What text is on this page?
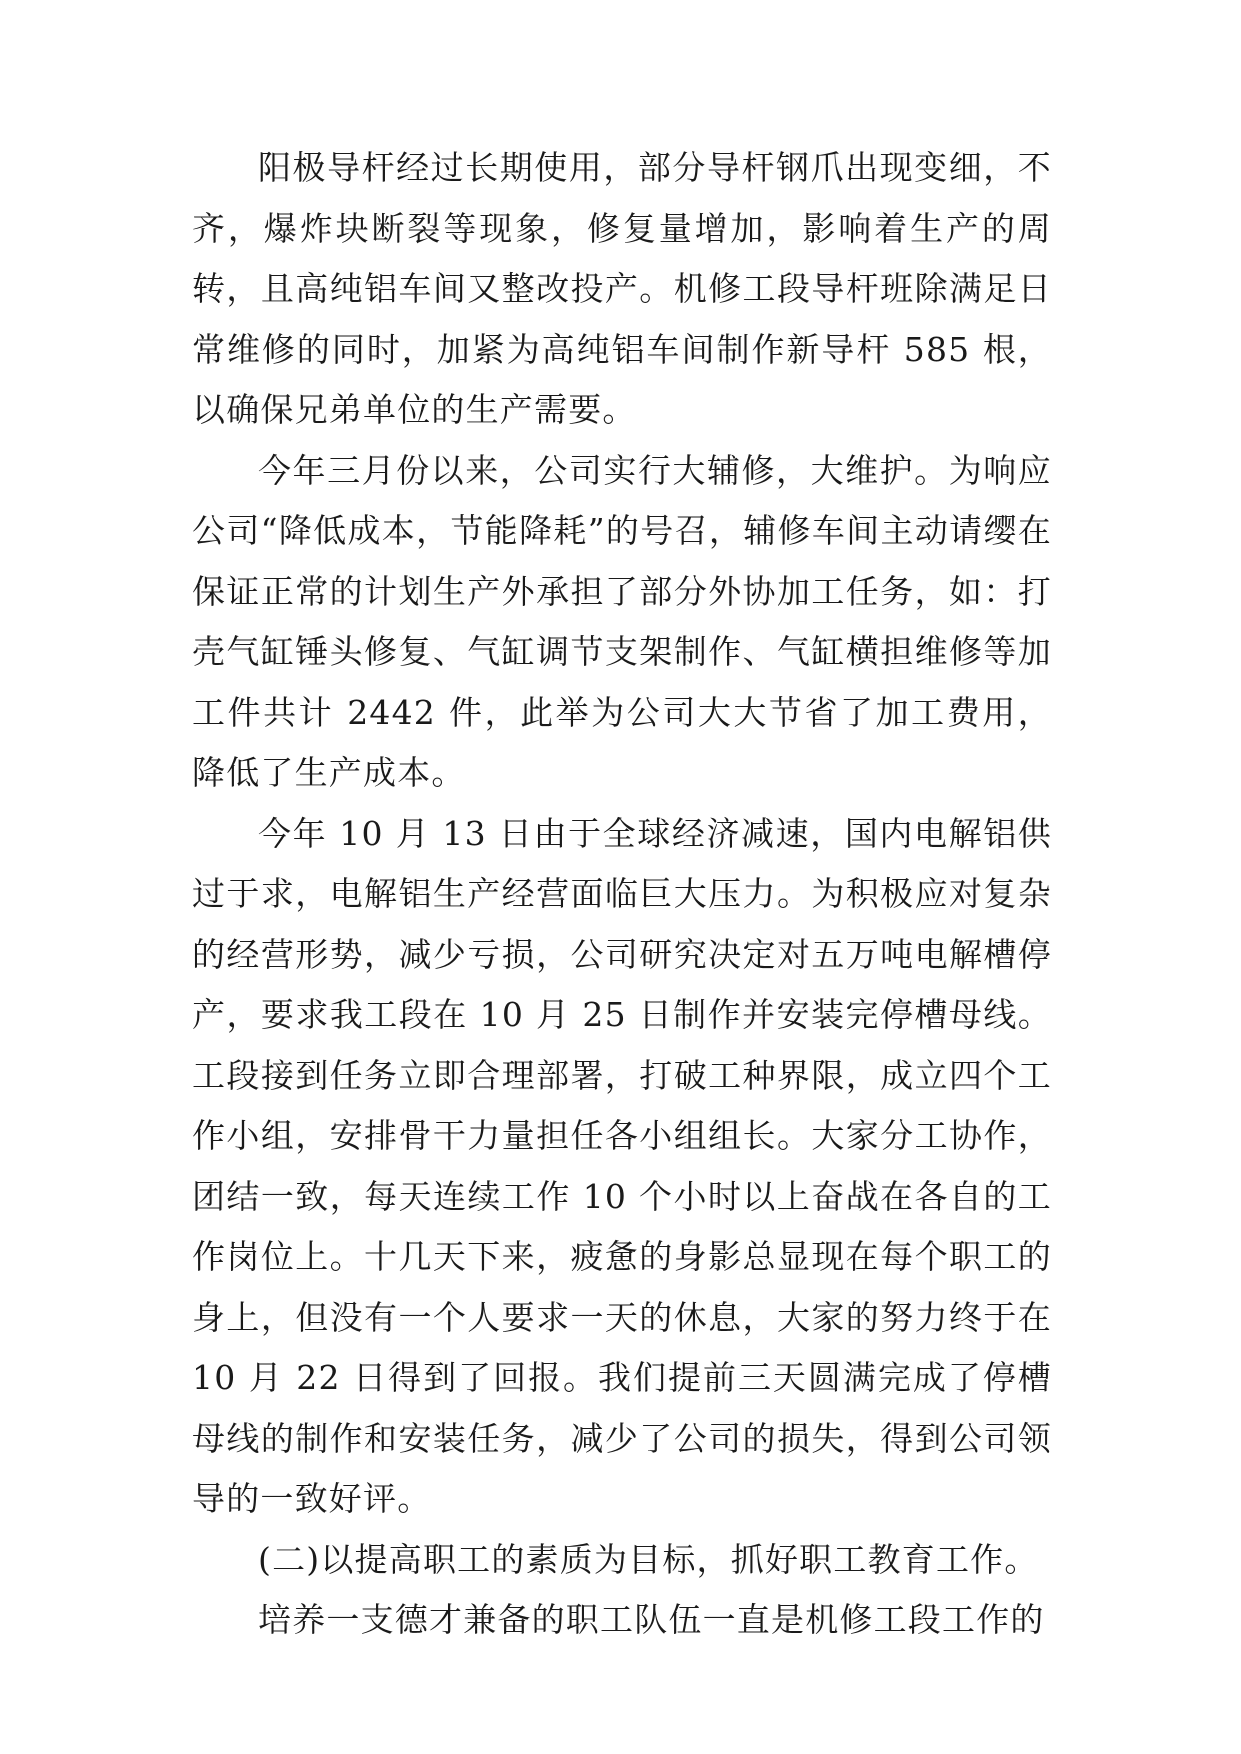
阳极导杆经过长期使用，部分导杆钢爪出现变细，不齐，爆炸块断裂等现象，修复量增加，影响着生产的周转，且高纯铝车间又整改投产。机修工段导杆班除满足日常维修的同时，加紧为高纯铝车间制作新导杆 585 根，以确保兄弟单位的生产需要。

今年三月份以来，公司实行大辅修，大维护。为响应公司“降低成本，节能降耗”的号召，辅修车间主动请缨在保证正常的计划生产外承担了部分外协加工任务，如：打壳气缸锤头修复、气缸调节支架制作、气缸横担维修等加工件共计 2442 件，此举为公司大大节省了加工费用，降低了生产成本。

今年 10 月 13 日由于全球经济减速，国内电解铝供过于求，电解铝生产经营面临巨大压力。为积极应对复杂的经营形势，减少亏损，公司研究决定对五万吨电解槽停产，要求我工段在 10 月 25 日制作并安装完停槽母线。工段接到任务立即合理部署，打破工种界限，成立四个工作小组，安排骨干力量担任各小组组长。大家分工协作，团结一致，每天连续工作 10 个小时以上奋战在各自的工作岗位上。十几天下来，疲惫的身影总显现在每个职工的身上，但没有一个人要求一天的休息，大家的努力终于在 10 月 22 日得到了回报。我们提前三天圆满完成了停槽母线的制作和安装任务，减少了公司的损失，得到公司领导的一致好评。

(二)以提高职工的素质为目标，抓好职工教育工作。

培养一支德才兼备的职工队伍一直是机修工段工作的
